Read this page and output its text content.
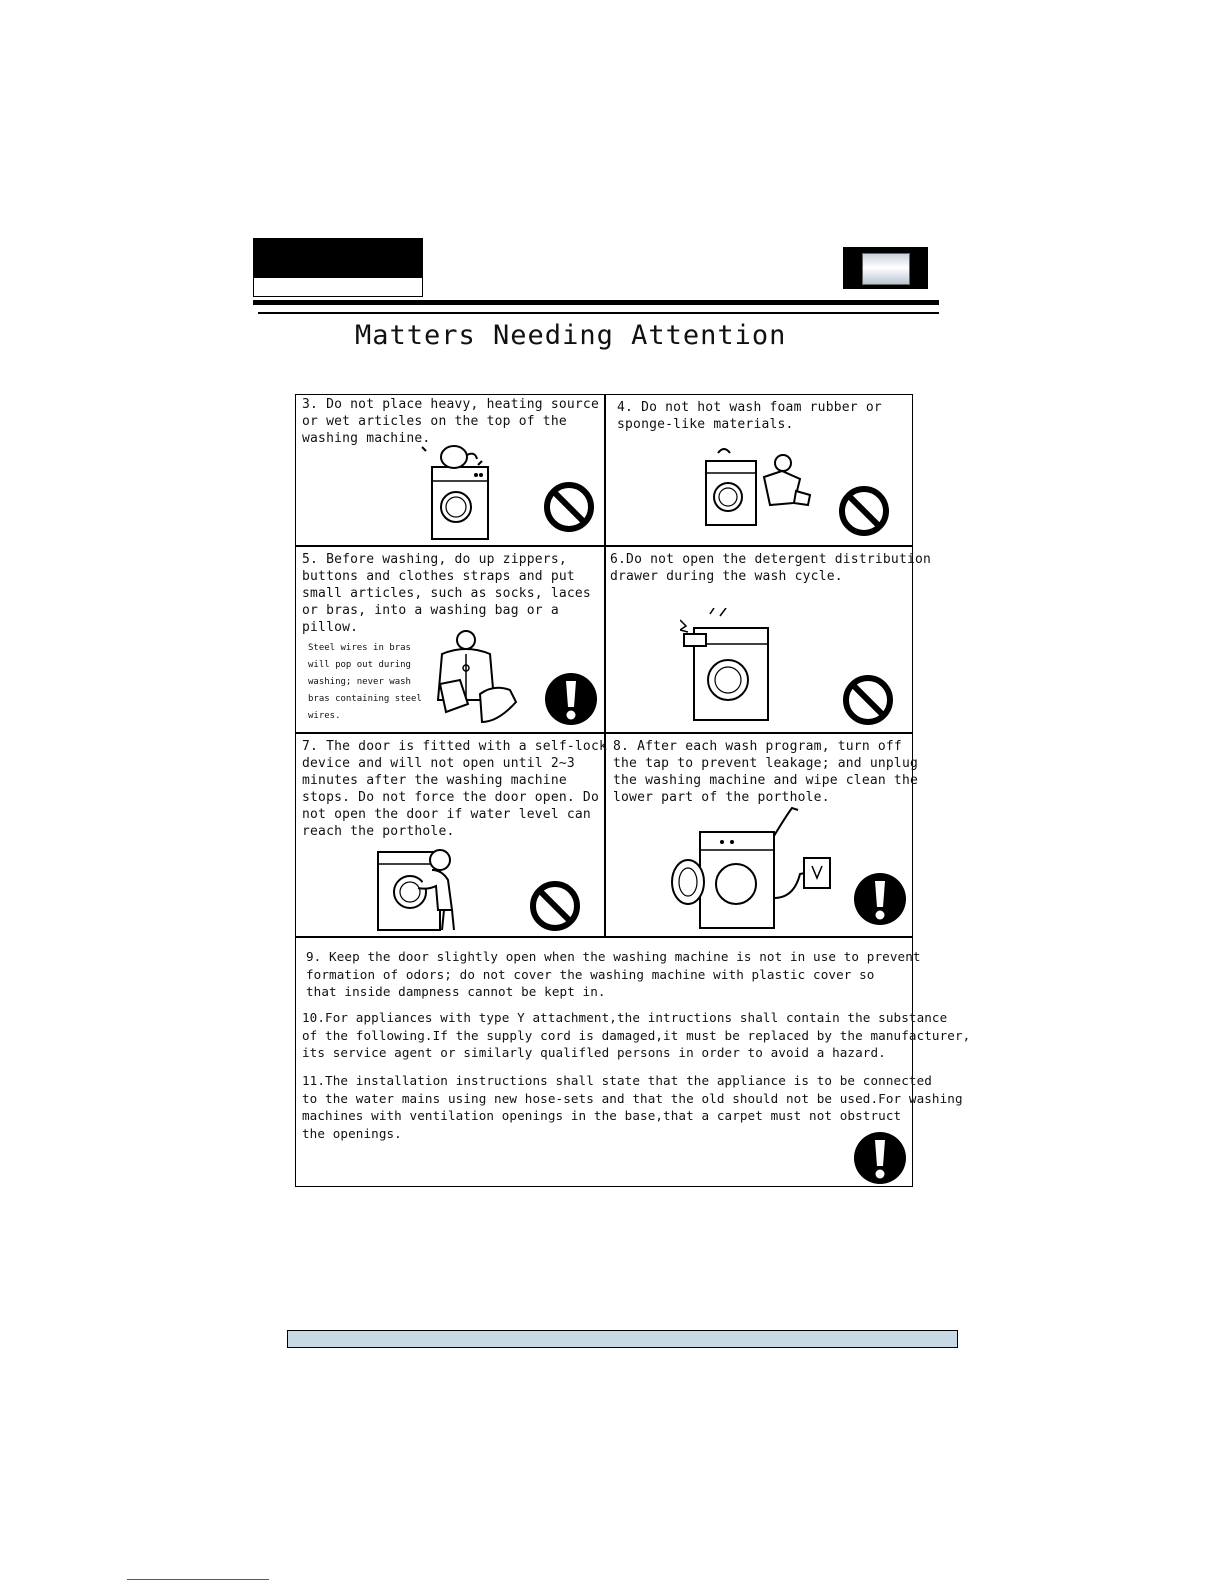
Matters Needing Attention
3. Do not place heavy, heating source
or wet articles on the top of the
washing machine.
4. Do not hot wash foam rubber or
sponge-like materials.
5. Before washing, do up zippers,
buttons and clothes straps and put
small articles, such as socks, laces
or bras, into a washing bag or a
pillow.
Steel wires in bras
will pop out during
washing; never wash
bras containing steel
wires.
6.Do not open the detergent distribution
drawer during the wash cycle.
7. The door is fitted with a self-lock
device and will not open until 2~3
minutes after the washing machine
stops. Do not force the door open. Do
not open the door if water level can
reach the porthole.
8. After each wash program, turn off
the tap to prevent leakage; and unplug
the washing machine and wipe clean the
lower part of the porthole.
9. Keep the door slightly open when the washing machine is not in use to prevent
formation of odors; do not cover the washing machine with plastic cover so
that inside dampness cannot be kept in.
10.For appliances with type Y attachment,the intructions shall contain the substance
of the following.If the supply cord is damaged,it must be replaced by the manufacturer,
its service agent or similarly qualifled persons in order to avoid a hazard.
11.The installation instructions shall state that the appliance is to be connected
to the water mains using new hose-sets and that the old should not be used.For washing
machines with ventilation openings in the base,that a carpet must not obstruct
the openings.
